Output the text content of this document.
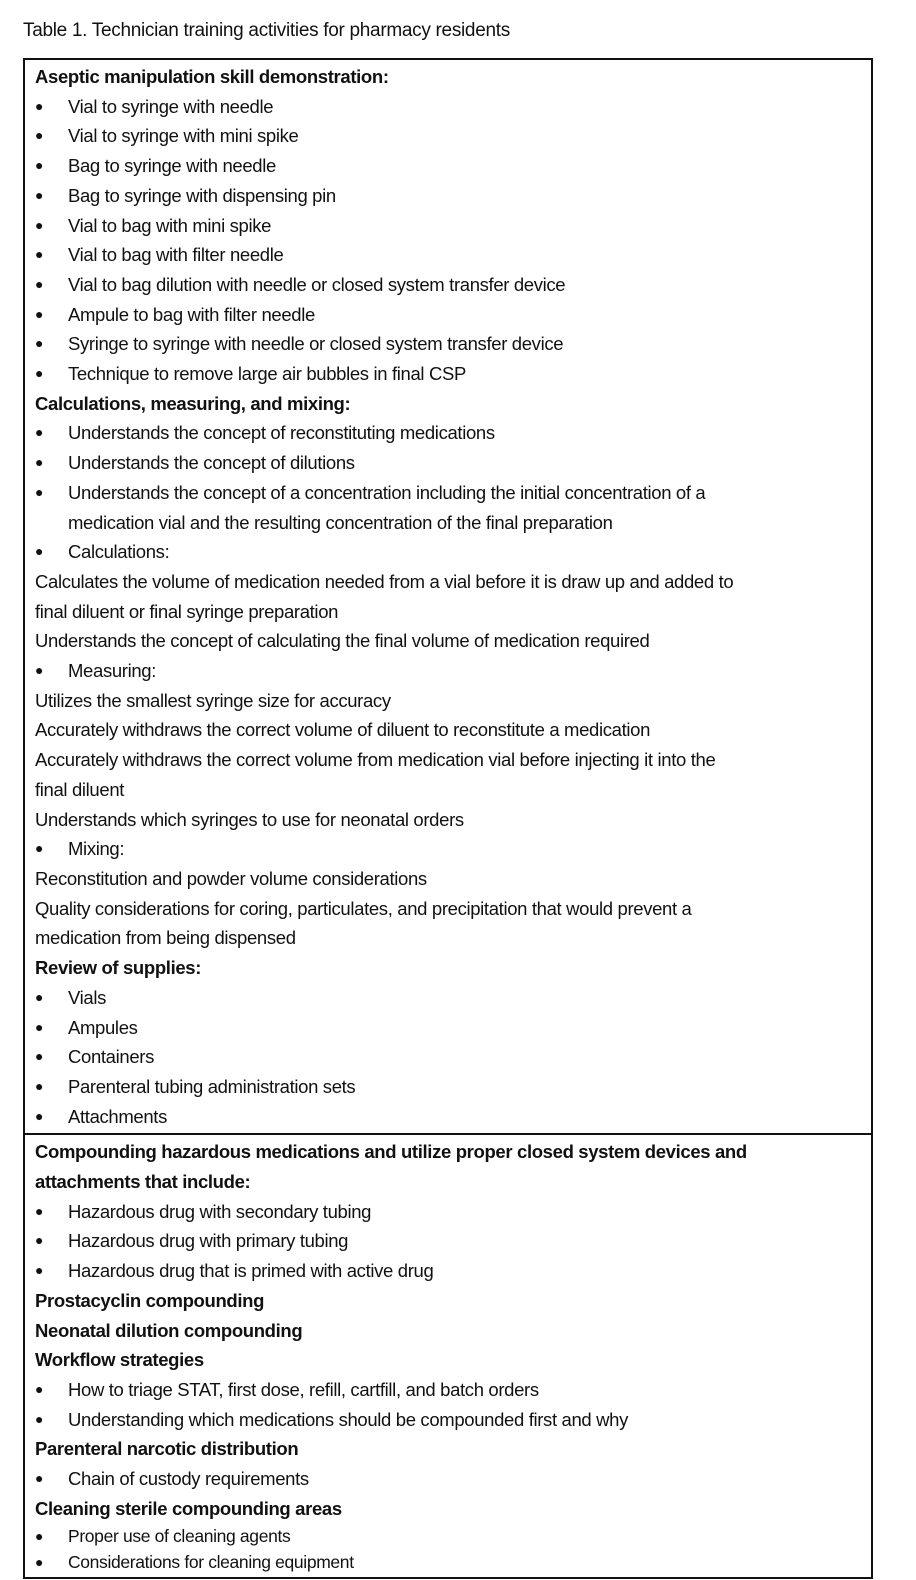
Table 1. Technician training activities for pharmacy residents
Aseptic manipulation skill demonstration:
●
Vial to syringe with needle
●
Vial to syringe with mini spike
●
Bag to syringe with needle
●
Bag to syringe with dispensing pin
●
Vial to bag with mini spike
●
Vial to bag with filter needle
●
Vial to bag dilution with needle or closed system transfer device
●
Ampule to bag with filter needle
●
Syringe to syringe with needle or closed system transfer device
●
Technique to remove large air bubbles in final CSP
Calculations, measuring, and mixing:
●
Understands the concept of reconstituting medications
●
Understands the concept of dilutions
●
Understands the concept of a concentration including the initial concentration of a
medication vial and the resulting concentration of the final preparation
●
Calculations:
Calculates the volume of medication needed from a vial before it is draw up and added to
final diluent or final syringe preparation
Understands the concept of calculating the final volume of medication required
●
Measuring:
Utilizes the smallest syringe size for accuracy
Accurately withdraws the correct volume of diluent to reconstitute a medication
Accurately withdraws the correct volume from medication vial before injecting it into the
final diluent
Understands which syringes to use for neonatal orders
●
Mixing:
Reconstitution and powder volume considerations
Quality considerations for coring, particulates, and precipitation that would prevent a
medication from being dispensed
Review of supplies:
●
Vials
●
Ampules
●
Containers
●
Parenteral tubing administration sets
●
Attachments
Compounding hazardous medications and utilize proper closed system devices and
attachments that include:
●
Hazardous drug with secondary tubing
●
Hazardous drug with primary tubing
●
Hazardous drug that is primed with active drug
Prostacyclin compounding
Neonatal dilution compounding
Workflow strategies
●
How to triage STAT, first dose, refill, cartfill, and batch orders
●
Understanding which medications should be compounded first and why
Parenteral narcotic distribution
●
Chain of custody requirements
Cleaning sterile compounding areas
●
Proper use of cleaning agents
●
Considerations for cleaning equipment
